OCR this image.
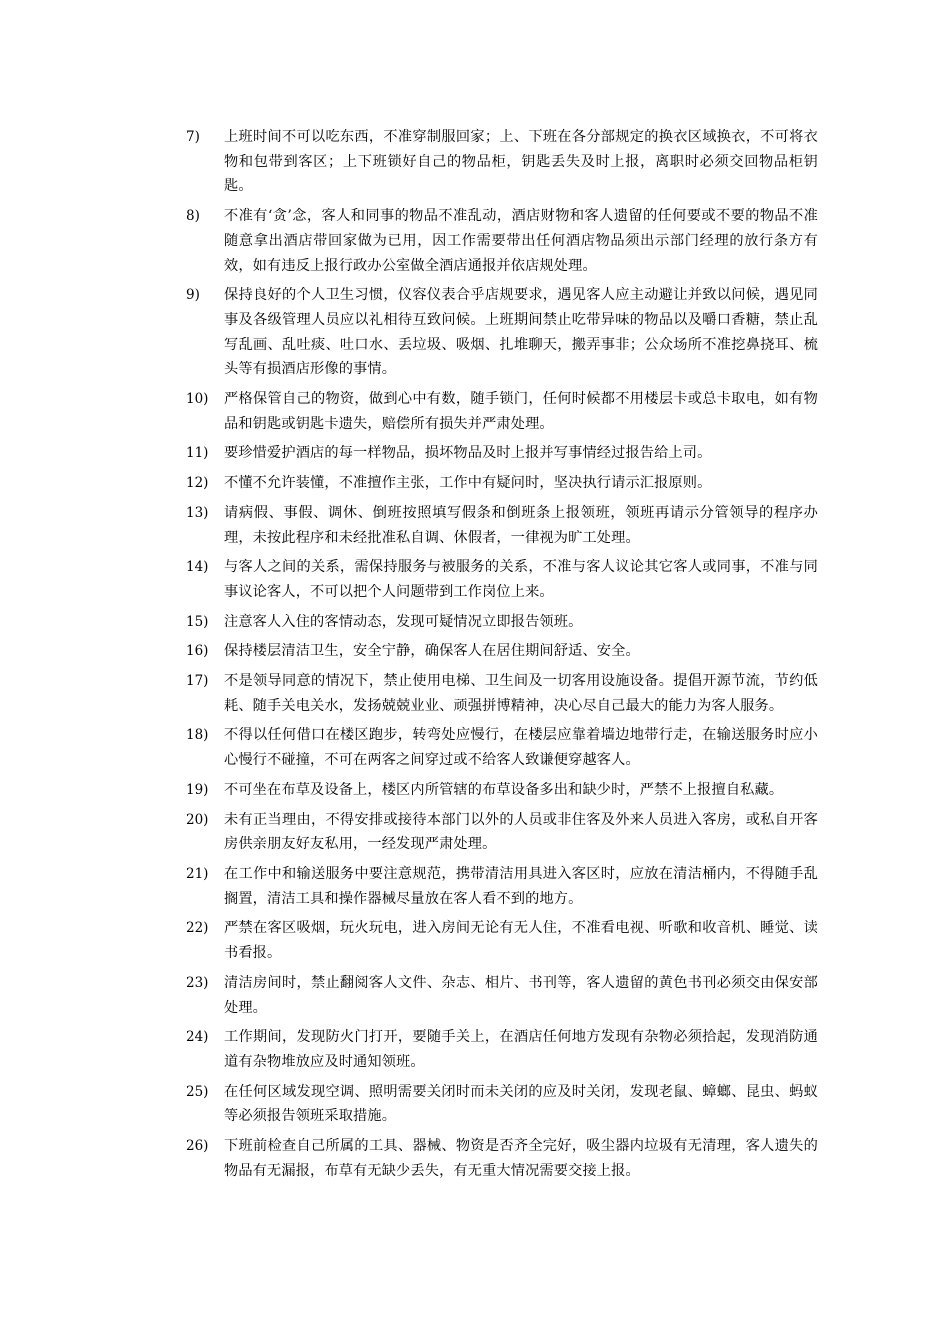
7)	上班时间不可以吃东西，不准穿制服回家；上、下班在各分部规定的换衣区域换衣，不可将衣物和包带到客区；上下班锁好自己的物品柜，钥匙丢失及时上报，离职时必须交回物品柜钥匙。
8)	不准有‘贪’念，客人和同事的物品不准乱动，酒店财物和客人遗留的任何要或不要的物品不准随意拿出酒店带回家做为已用，因工作需要带出任何酒店物品须出示部门经理的放行条方有效，如有违反上报行政办公室做全酒店通报并依店规处理。
9)	保持良好的个人卫生习惯，仪容仪表合乎店规要求，遇见客人应主动避让并致以问候，遇见同事及各级管理人员应以礼相待互致问候。上班期间禁止吃带异味的物品以及嚼口香糖，禁止乱写乱画、乱吐痰、吐口水、丢垃圾、吸烟、扎堆聊天，搬弄事非；公众场所不准挖鼻挠耳、梳头等有损酒店形像的事情。
10)	严格保管自己的物资，做到心中有数，随手锁门，任何时候都不用楼层卡或总卡取电，如有物品和钥匙或钥匙卡遗失，赔偿所有损失并严肃处理。
11)	要珍惜爱护酒店的每一样物品，损坏物品及时上报并写事情经过报告给上司。
12)	不懂不允许装懂，不准擅作主张，工作中有疑问时，坚决执行请示汇报原则。
13)	请病假、事假、调休、倒班按照填写假条和倒班条上报领班，领班再请示分管领导的程序办理，未按此程序和未经批准私自调、休假者，一律视为旷工处理。
14)	与客人之间的关系，需保持服务与被服务的关系，不准与客人议论其它客人或同事，不准与同事议论客人，不可以把个人问题带到工作岗位上来。
15)	注意客人入住的客情动态，发现可疑情况立即报告领班。
16)	保持楼层清洁卫生，安全宁静，确保客人在居住期间舒适、安全。
17)	不是领导同意的情况下，禁止使用电梯、卫生间及一切客用设施设备。提倡开源节流，节约低耗、随手关电关水，发扬兢兢业业、顽强拼博精神，决心尽自己最大的能力为客人服务。
18)	不得以任何借口在楼区跑步，转弯处应慢行，在楼层应靠着墙边地带行走，在输送服务时应小心慢行不碰撞，不可在两客之间穿过或不给客人致谦便穿越客人。
19)	不可坐在布草及设备上，楼区内所管辖的布草设备多出和缺少时，严禁不上报擅自私藏。
20)	未有正当理由，不得安排或接待本部门以外的人员或非住客及外来人员进入客房，或私自开客房供亲朋友好友私用，一经发现严肃处理。
21)	在工作中和输送服务中要注意规范，携带清洁用具进入客区时，应放在清洁桶内，不得随手乱搁置，清洁工具和操作器械尽量放在客人看不到的地方。
22)	严禁在客区吸烟，玩火玩电，进入房间无论有无人住，不准看电视、听歌和收音机、睡觉、读书看报。
23)	清洁房间时，禁止翻阅客人文件、杂志、相片、书刊等，客人遗留的黄色书刊必须交由保安部处理。
24)	工作期间，发现防火门打开，要随手关上，在酒店任何地方发现有杂物必须拾起，发现消防通道有杂物堆放应及时通知领班。
25)	在任何区域发现空调、照明需要关闭时而未关闭的应及时关闭，发现老鼠、蟑螂、昆虫、蚂蚁等必须报告领班采取措施。
26)	下班前检查自己所属的工具、器械、物资是否齐全完好，吸尘器内垃圾有无清理，客人遗失的物品有无漏报，布草有无缺少丢失，有无重大情况需要交接上报。
